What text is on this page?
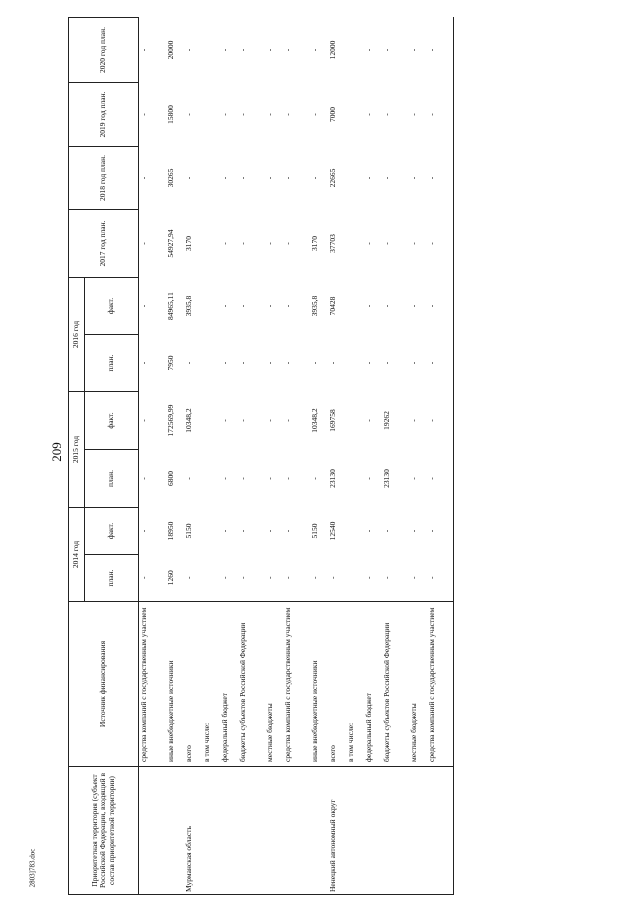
209
2803]783.doc	Приоритетная территория (субъект Российской Федерации, входящий в состав приоритетной территории)	Источник финансирования	2014 год		2015 год		2016 год		2017 год план.	2018 год план.	2019 год план.	2020 год план.
		план.	факт.	план.	факт.	план.	факт.				
	средства компаний с государственным участием	-	-	-	-	-	-	-	-	-	-
	иные внебюджетные источники	1260	18950	6800	172569,99	7950	84965,11	54927,94	30265	15800	20000
Мурманская область	всего	-	5150	-	10348,2	-	3935,8	3170	-	-	-
	в том числе:										
	федеральный бюджет	-	-	-	-	-	-	-	-	-	-
	бюджеты субъектов Российской Федерации	-	-	-	-	-	-	-	-	-	-
	местные бюджеты	-	-	-	-	-	-	-	-	-	-
	средства компаний с государственным участием	-	-	-	-	-	-	-	-	-	-
	иные внебюджетные источники	-	5150	-	10348,2	-	3935,8	3170	-	-	-
Ненецкий автономный округ	всего	-	12540	23130	169758	-	70428	37703	22665	7000	12000
	в том числе:										
	федеральный бюджет	-	-	-	-	-	-	-	-	-	-
	бюджеты субъектов Российской Федерации	-	-	23130	19262	-	-	-	-	-	-
	местные бюджеты	-	-	-	-	-	-	-	-	-	-
	средства компаний с государственным участием	-	-	-	-	-	-	-	-	-	-
